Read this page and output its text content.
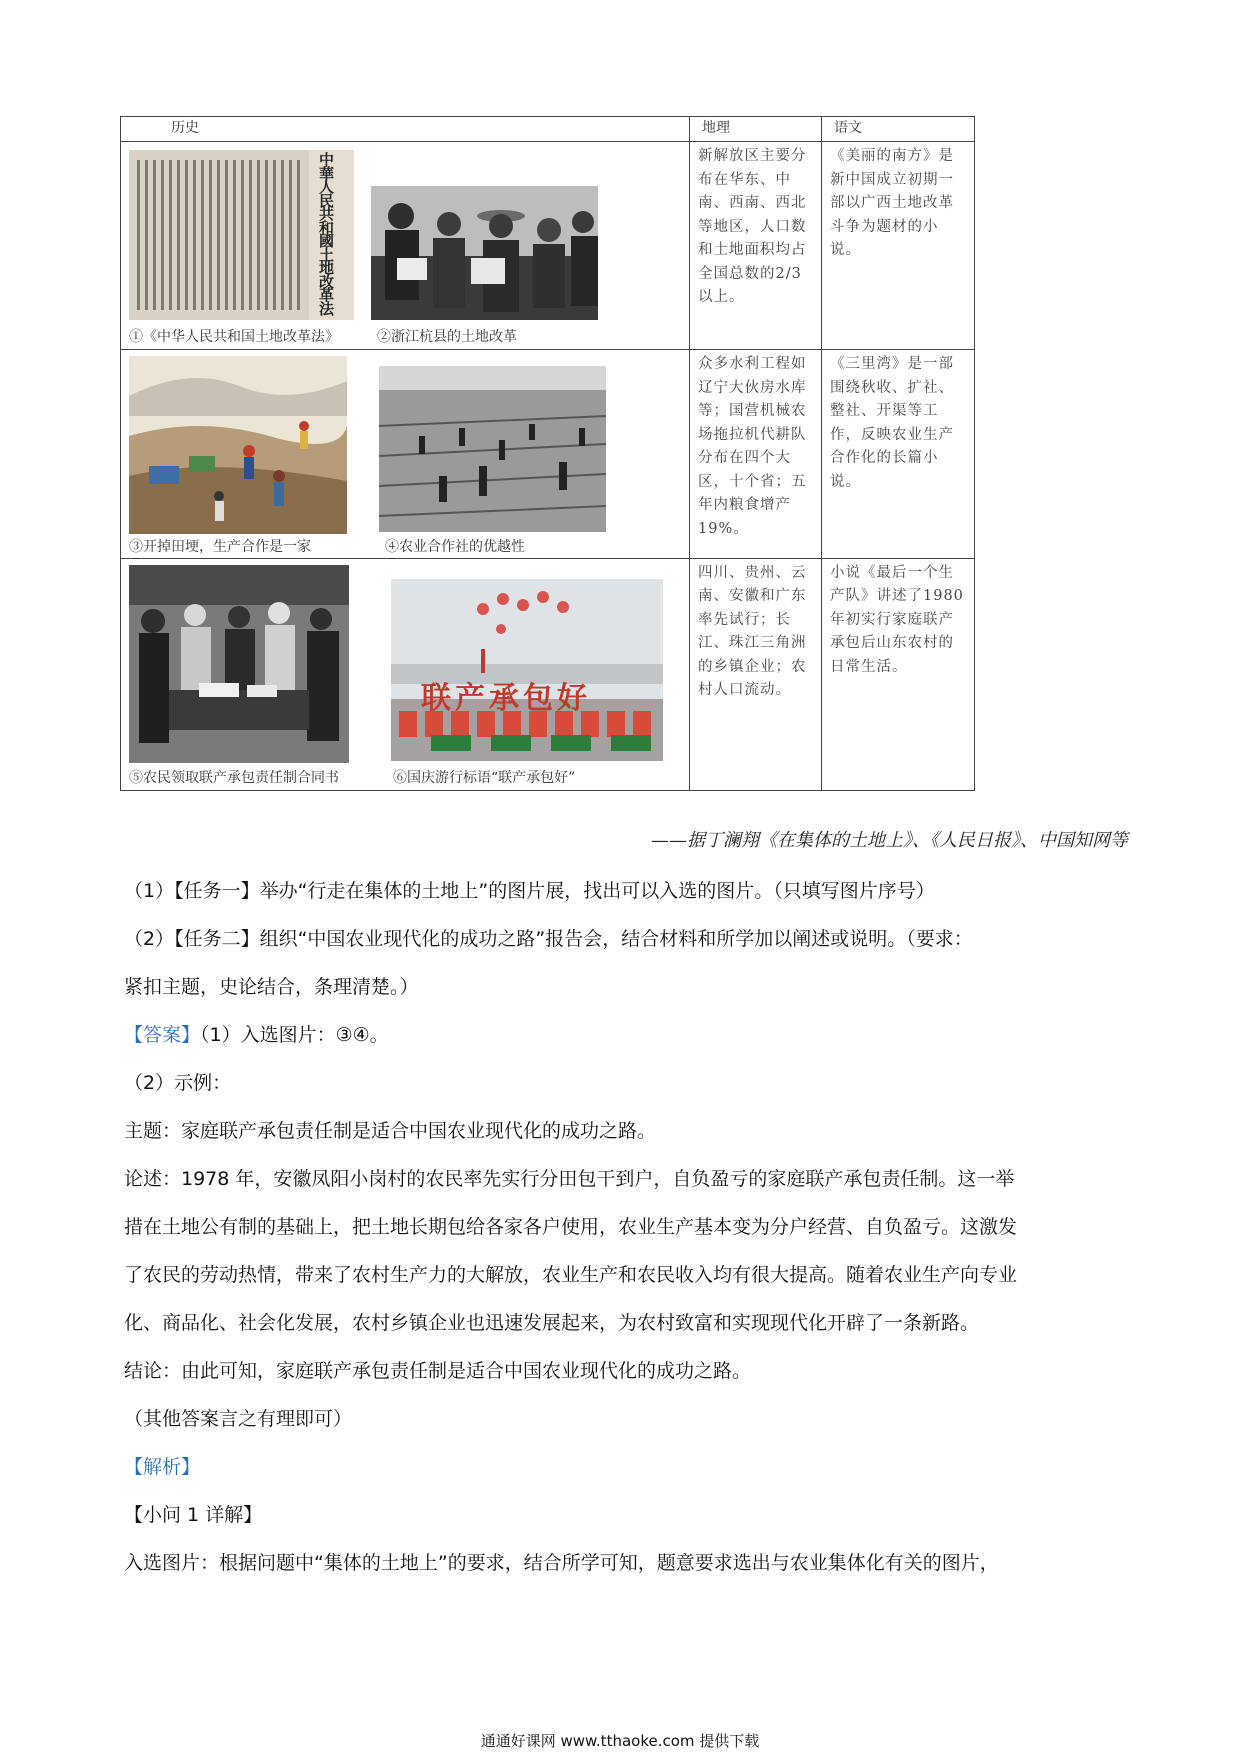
历史	地理	语文

中華人民共和國土地改革法
①《中华人民共和国土地改革法》 ②浙江杭县的土地改革	新解放区主要分布在华东、中南、西南、西北等地区，人口数和土地面积均占全国总数的2/3以上。	《美丽的南方》是新中国成立初期一部以广西土地改革斗争为题材的小说。

③开掉田埂，生产合作是一家 ④农业合作社的优越性	众多水利工程如辽宁大伙房水库等；国营机械农场拖拉机代耕队分布在四个大区，十个省；五年内粮食增产19%。	《三里湾》是一部围绕秋收、扩社、整社、开渠等工作，反映农业生产合作化的长篇小说。

联产承包好
⑤农民领取联产承包责任制合同书 ⑥国庆游行标语“联产承包好”	四川、贵州、云南、安徽和广东率先试行；长江、珠江三角洲的乡镇企业；农村人口流动。	小说《最后一个生产队》讲述了1980年初实行家庭联产承包后山东农村的日常生活。
——据丁澜翔《在集体的土地上》、《人民日报》、中国知网等
（1）【任务一】举办“行走在集体的土地上”的图片展，找出可以入选的图片。（只填写图片序号）
（2）【任务二】组织“中国农业现代化的成功之路”报告会，结合材料和所学加以阐述或说明。（要求：
紧扣主题，史论结合，条理清楚。）
【答案】（1）入选图片：③④。
（2）示例：
主题：家庭联产承包责任制是适合中国农业现代化的成功之路。
论述：1978 年，安徽凤阳小岗村的农民率先实行分田包干到户，自负盈亏的家庭联产承包责任制。这一举
措在土地公有制的基础上，把土地长期包给各家各户使用，农业生产基本变为分户经营、自负盈亏。这激发
了农民的劳动热情，带来了农村生产力的大解放，农业生产和农民收入均有很大提高。随着农业生产向专业
化、商品化、社会化发展，农村乡镇企业也迅速发展起来，为农村致富和实现现代化开辟了一条新路。
结论：由此可知，家庭联产承包责任制是适合中国农业现代化的成功之路。
（其他答案言之有理即可）
【解析】
【小问 1 详解】
入选图片：根据问题中“集体的土地上”的要求，结合所学可知，题意要求选出与农业集体化有关的图片，
通通好课网 www.tthaoke.com 提供下载
